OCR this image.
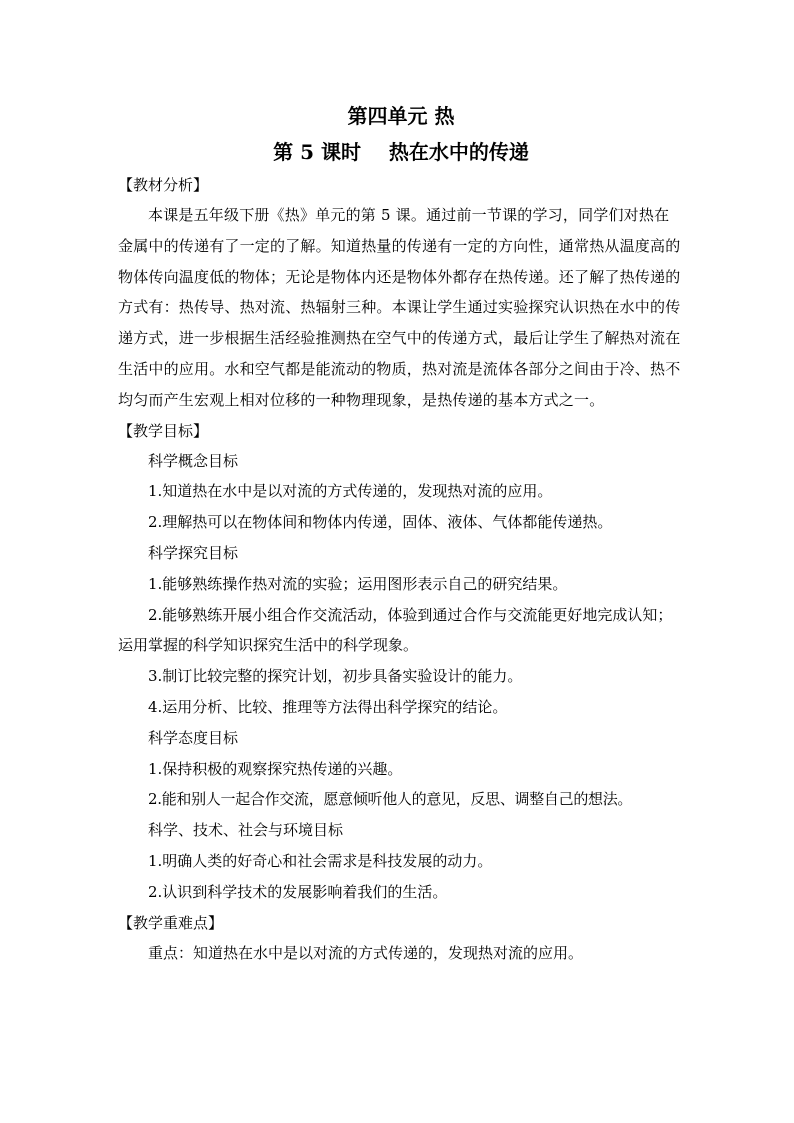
第四单元 热
第 5 课时    热在水中的传递
【教材分析】
本课是五年级下册《热》单元的第 5 课。通过前一节课的学习，同学们对热在金属中的传递有了一定的了解。知道热量的传递有一定的方向性，通常热从温度高的物体传向温度低的物体；无论是物体内还是物体外都存在热传递。还了解了热传递的方式有：热传导、热对流、热辐射三种。本课让学生通过实验探究认识热在水中的传递方式，进一步根据生活经验推测热在空气中的传递方式，最后让学生了解热对流在生活中的应用。水和空气都是能流动的物质，热对流是流体各部分之间由于冷、热不均匀而产生宏观上相对位移的一种物理现象，是热传递的基本方式之一。
【教学目标】
科学概念目标
1.知道热在水中是以对流的方式传递的，发现热对流的应用。
2.理解热可以在物体间和物体内传递，固体、液体、气体都能传递热。
科学探究目标
1.能够熟练操作热对流的实验；运用图形表示自己的研究结果。
2.能够熟练开展小组合作交流活动，体验到通过合作与交流能更好地完成认知；运用掌握的科学知识探究生活中的科学现象。
3.制订比较完整的探究计划，初步具备实验设计的能力。
4.运用分析、比较、推理等方法得出科学探究的结论。
科学态度目标
1.保持积极的观察探究热传递的兴趣。
2.能和别人一起合作交流，愿意倾听他人的意见，反思、调整自己的想法。
科学、技术、社会与环境目标
1.明确人类的好奇心和社会需求是科技发展的动力。
2.认识到科学技术的发展影响着我们的生活。
【教学重难点】
重点：知道热在水中是以对流的方式传递的，发现热对流的应用。
